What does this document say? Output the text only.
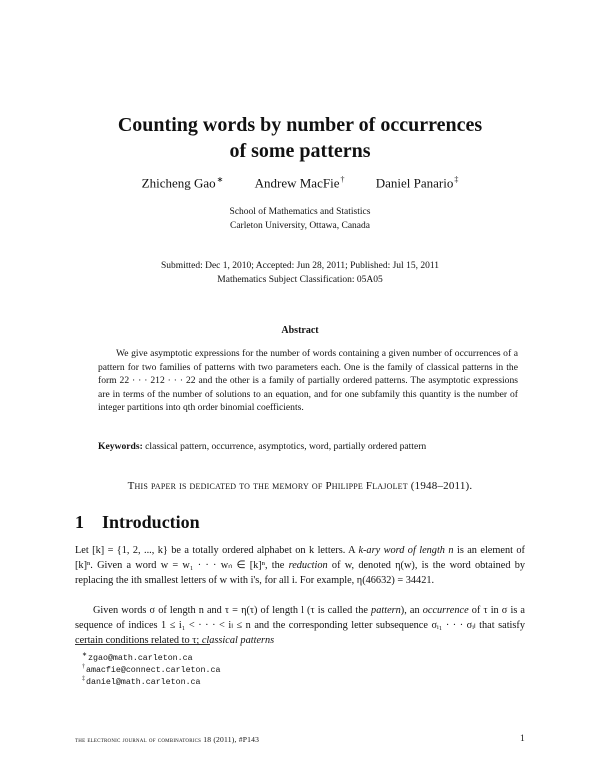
Counting words by number of occurrences
of some patterns
Zhicheng Gao∗ Andrew MacFie† Daniel Panario‡
School of Mathematics and Statistics
Carleton University, Ottawa, Canada
Submitted: Dec 1, 2010; Accepted: Jun 28, 2011; Published: Jul 15, 2011
Mathematics Subject Classification: 05A05
Abstract
We give asymptotic expressions for the number of words containing a given number of occurrences of a pattern for two families of patterns with two parameters each. One is the family of classical patterns in the form 22 · · · 212 · · · 22 and the other is a family of partially ordered patterns. The asymptotic expressions are in terms of the number of solutions to an equation, and for one subfamily this quantity is the number of integer partitions into qth order binomial coefficients.
Keywords: classical pattern, occurrence, asymptotics, word, partially ordered pattern
This paper is dedicated to the memory of Philippe Flajolet (1948–2011).
1 Introduction
Let [k] = {1, 2, ..., k} be a totally ordered alphabet on k letters. A k-ary word of length n is an element of [k]ⁿ. Given a word w = w₁ · · · wₙ ∈ [k]ⁿ, the reduction of w, denoted η(w), is the word obtained by replacing the ith smallest letters of w with i's, for all i. For example, η(46632) = 34421.
Given words σ of length n and τ = η(τ) of length l (τ is called the pattern), an occurrence of τ in σ is a sequence of indices 1 ≤ i₁ < · · · < iₗ ≤ n and the corresponding letter subsequence σᵢ₁ · · · σᵢₗ that satisfy certain conditions related to τ; classical patterns
∗zgao@math.carleton.ca
†amacfie@connect.carleton.ca
‡daniel@math.carleton.ca
the electronic journal of combinatorics 18 (2011), #P143	1
